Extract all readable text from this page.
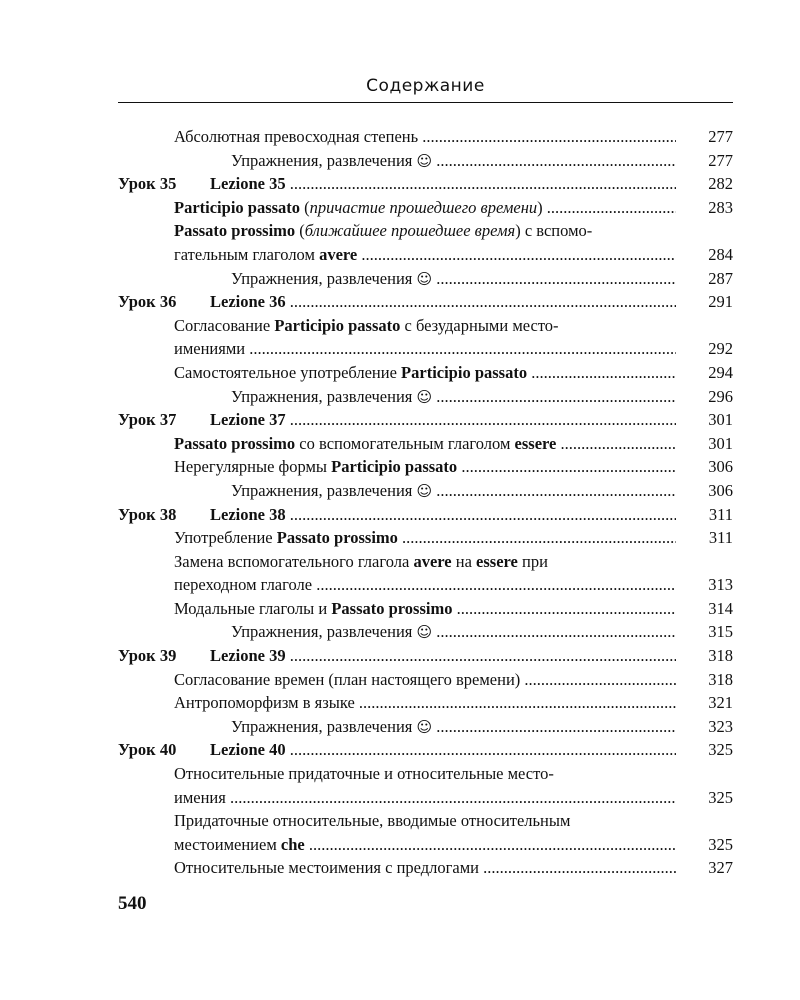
Содержание
Абсолютная превосходная степень .....	277
Упражнения, развлечения ☺ .....	277
Урок 35 Lezione 35 .....	282
Participio passato (причастие прошедшего времени) .....	283
Passato prossimo (ближайшее прошедшее время) с вспомо-
гательным глаголом avere .....	284
Упражнения, развлечения ☺ .....	287
Урок 36 Lezione 36 .....	291
Согласование Participio passato с безударными место-
имениями .....	292
Самостоятельное употребление Participio passato .....	294
Упражнения, развлечения ☺ .....	296
Урок 37 Lezione 37 .....	301
Passato prossimo со вспомогательным глаголом essere .....	301
Нерегулярные формы Participio passato .....	306
Упражнения, развлечения ☺ .....	306
Урок 38 Lezione 38 .....	311
Употребление Passato prossimo .....	311
Замена вспомогательного глагола avere на essere при
переходном глаголе .....	313
Модальные глаголы и Passato prossimo .....	314
Упражнения, развлечения ☺ .....	315
Урок 39 Lezione 39 .....	318
Согласование времен (план настоящего времени) .....	318
Антропоморфизм в языке .....	321
Упражнения, развлечения ☺ .....	323
Урок 40 Lezione 40 .....	325
Относительные придаточные и относительные место-
имения .....	325
Придаточные относительные, вводимые относительным
местоимением che .....	325
Относительные местоимения с предлогами .....	327
540
